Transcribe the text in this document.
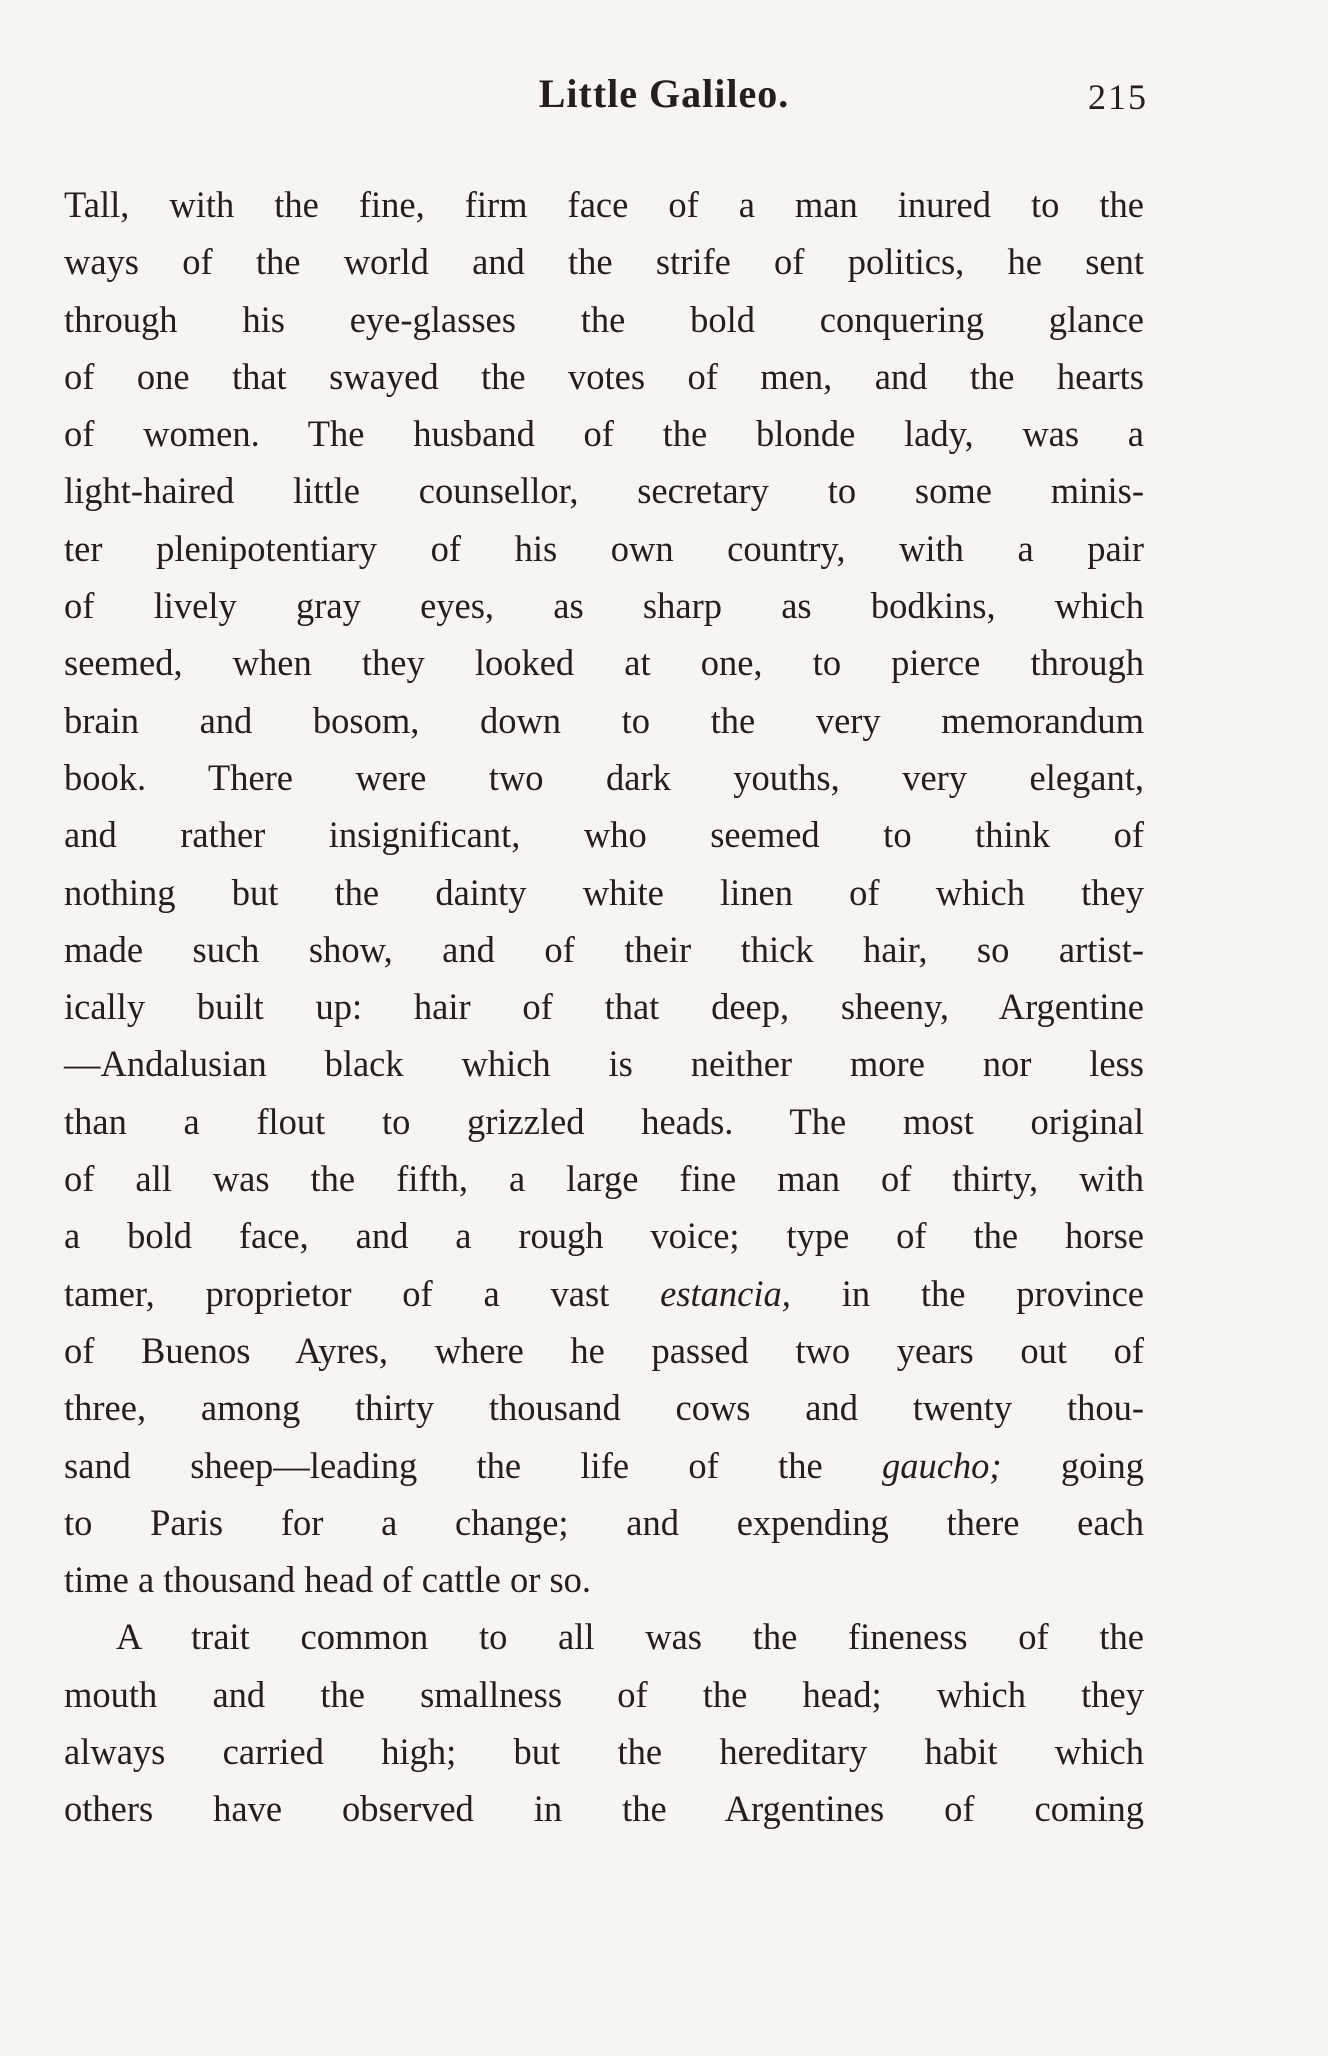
Little Galileo.	215
Tall, with the fine, firm face of a man inured to the
ways of the world and the strife of politics, he sent
through his eye-glasses the bold conquering glance
of one that swayed the votes of men, and the hearts
of women. The husband of the blonde lady, was a
light-haired little counsellor, secretary to some minis-
ter plenipotentiary of his own country, with a pair
of lively gray eyes, as sharp as bodkins, which
seemed, when they looked at one, to pierce through
brain and bosom, down to the very memorandum
book. There were two dark youths, very elegant,
and rather insignificant, who seemed to think of
nothing but the dainty white linen of which they
made such show, and of their thick hair, so artist-
ically built up: hair of that deep, sheeny, Argentine
—Andalusian black which is neither more nor less
than a flout to grizzled heads. The most original
of all was the fifth, a large fine man of thirty, with
a bold face, and a rough voice; type of the horse
tamer, proprietor of a vast estancia, in the province
of Buenos Ayres, where he passed two years out of
three, among thirty thousand cows and twenty thou-
sand sheep—leading the life of the gaucho; going
to Paris for a change; and expending there each
time a thousand head of cattle or so.
A trait common to all was the fineness of the
mouth and the smallness of the head; which they
always carried high; but the hereditary habit which
others have observed in the Argentines of coming
